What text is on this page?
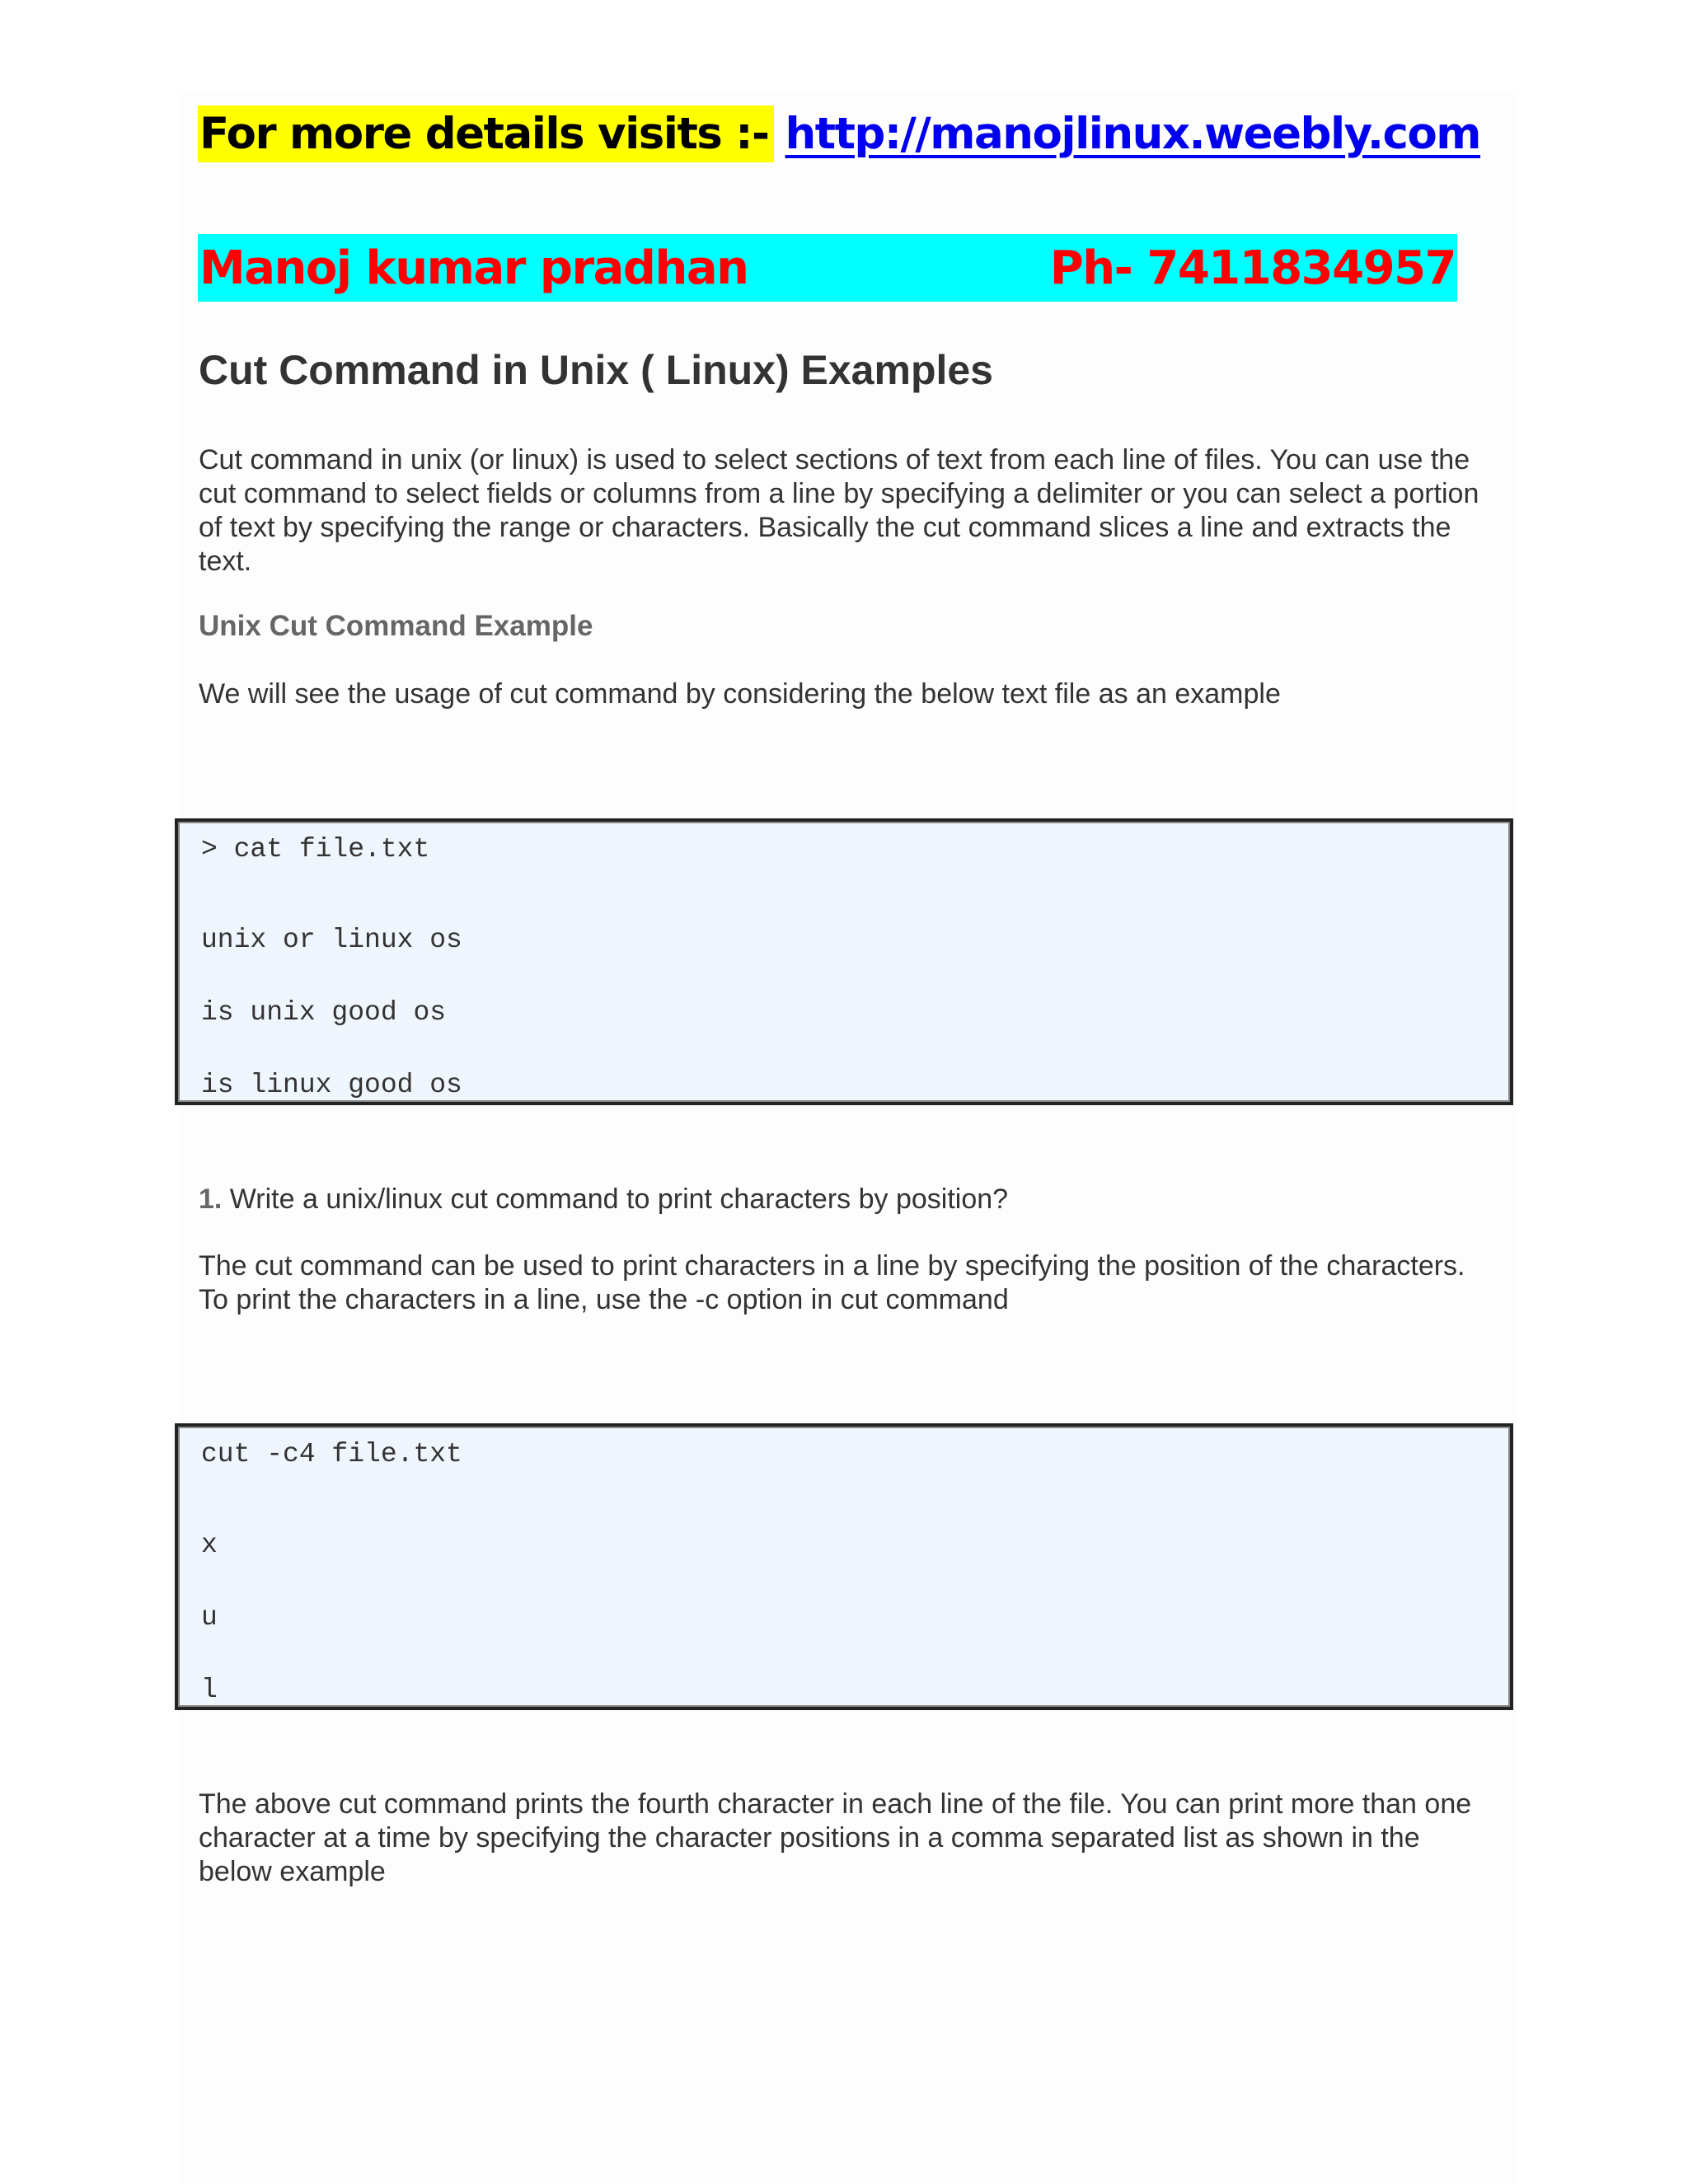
For more details visits :- http://manojlinux.weebly.com
Manoj kumar pradhan	Ph- 7411834957
Cut Command in Unix ( Linux) Examples

Cut command in unix (or linux) is used to select sections of text from each line of files. You can use the cut command to select fields or columns from a line by specifying a delimiter or you can select a portion of text by specifying the range or characters. Basically the cut command slices a line and extracts the text.

Unix Cut Command Example

We will see the usage of cut command by considering the below text file as an example

> cat file.txt
unix or linux os
is unix good os
is linux good os

1. Write a unix/linux cut command to print characters by position?

The cut command can be used to print characters in a line by specifying the position of the characters. To print the characters in a line, use the -c option in cut command

cut -c4 file.txt
x
u
l

The above cut command prints the fourth character in each line of the file. You can print more than one character at a time by specifying the character positions in a comma separated list as shown in the below example
